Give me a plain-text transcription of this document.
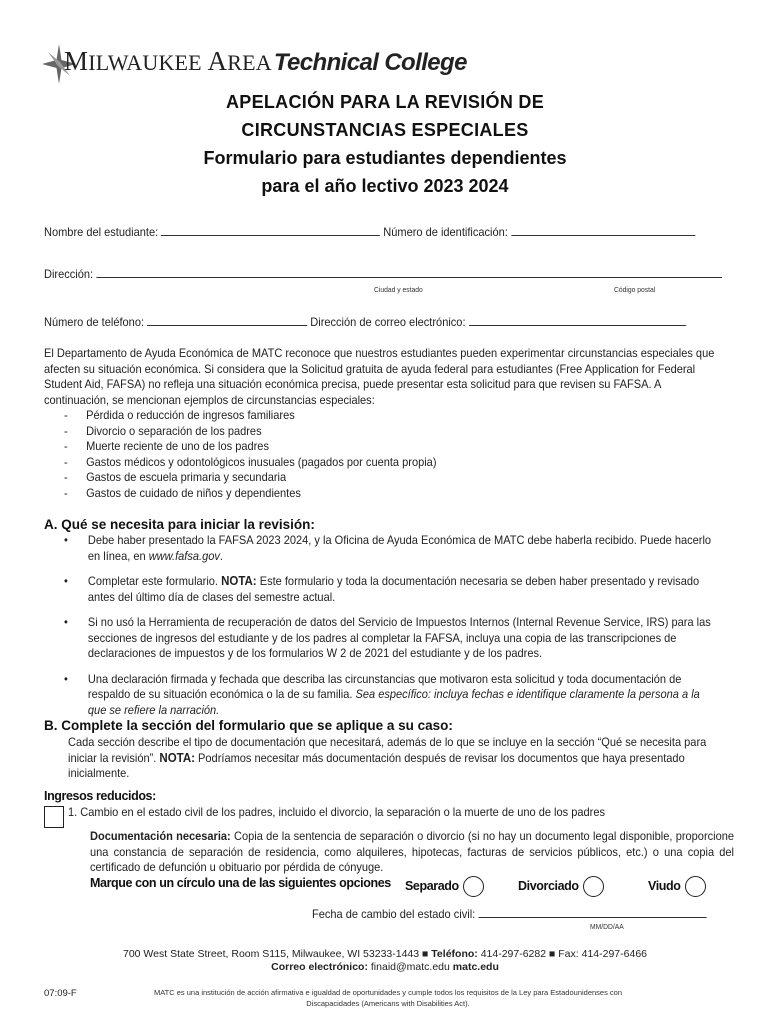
MILWAUKEE AREATechnical College
APELACIÓN PARA LA REVISIÓN DE
CIRCUNSTANCIAS ESPECIALES
Formulario para estudiantes dependientes
para el año lectivo 2023 2024
Nombre del estudiante:	Número de identificación:
Dirección:
Ciudad y estado	Código postal
Número de teléfono:	Dirección de correo electrónico:
El Departamento de Ayuda Económica de MATC reconoce que nuestros estudiantes pueden experimentar circunstancias especiales que afecten su situación económica. Si considera que la Solicitud gratuita de ayuda federal para estudiantes (Free Application for Federal Student Aid, FAFSA) no refleja una situación económica precisa, puede presentar esta solicitud para que revisen su FAFSA. A continuación, se mencionan ejemplos de circunstancias especiales:
- Pérdida o reducción de ingresos familiares
- Divorcio o separación de los padres
- Muerte reciente de uno de los padres
- Gastos médicos y odontológicos inusuales (pagados por cuenta propia)
- Gastos de escuela primaria y secundaria
- Gastos de cuidado de niños y dependientes
A. Qué se necesita para iniciar la revisión:
• Debe haber presentado la FAFSA 2023 2024, y la Oficina de Ayuda Económica de MATC debe haberla recibido. Puede hacerlo en línea, en www.fafsa.gov.
• Completar este formulario. NOTA: Este formulario y toda la documentación necesaria se deben haber presentado y revisado antes del último día de clases del semestre actual.
• Si no usó la Herramienta de recuperación de datos del Servicio de Impuestos Internos (Internal Revenue Service, IRS) para las secciones de ingresos del estudiante y de los padres al completar la FAFSA, incluya una copia de las transcripciones de declaraciones de impuestos y de los formularios W 2 de 2021 del estudiante y de los padres.
• Una declaración firmada y fechada que describa las circunstancias que motivaron esta solicitud y toda documentación de respaldo de su situación económica o la de su familia. Sea específico: incluya fechas e identifique claramente la persona a la que se refiere la narración.
B. Complete la sección del formulario que se aplique a su caso:
Cada sección describe el tipo de documentación que necesitará, además de lo que se incluye en la sección “Qué se necesita para iniciar la revisión”. NOTA: Podríamos necesitar más documentación después de revisar los documentos que haya presentado inicialmente.
Ingresos reducidos:
1. Cambio en el estado civil de los padres, incluido el divorcio, la separación o la muerte de uno de los padres
Documentación necesaria: Copia de la sentencia de separación o divorcio (si no hay un documento legal disponible, proporcione una constancia de separación de residencia, como alquileres, hipotecas, facturas de servicios públicos, etc.) o una copia del certificado de defunción u obituario por pérdida de cónyuge.
Marque con un círculo una de las siguientes opciones Separado	Divorciado	Viudo
Fecha de cambio del estado civil:
MM/DD/AA
700 West State Street, Room S115, Milwaukee, WI 53233-1443 ■ Teléfono: 414-297-6282 ■ Fax: 414-297-6466
Correo electrónico: finaid@matc.edu matc.edu
07:09-F	MATC es una institución de acción afirmativa e igualdad de oportunidades y cumple todos los requisitos de la Ley para Estadounidenses con Discapacidades (Americans with Disabilities Act).
